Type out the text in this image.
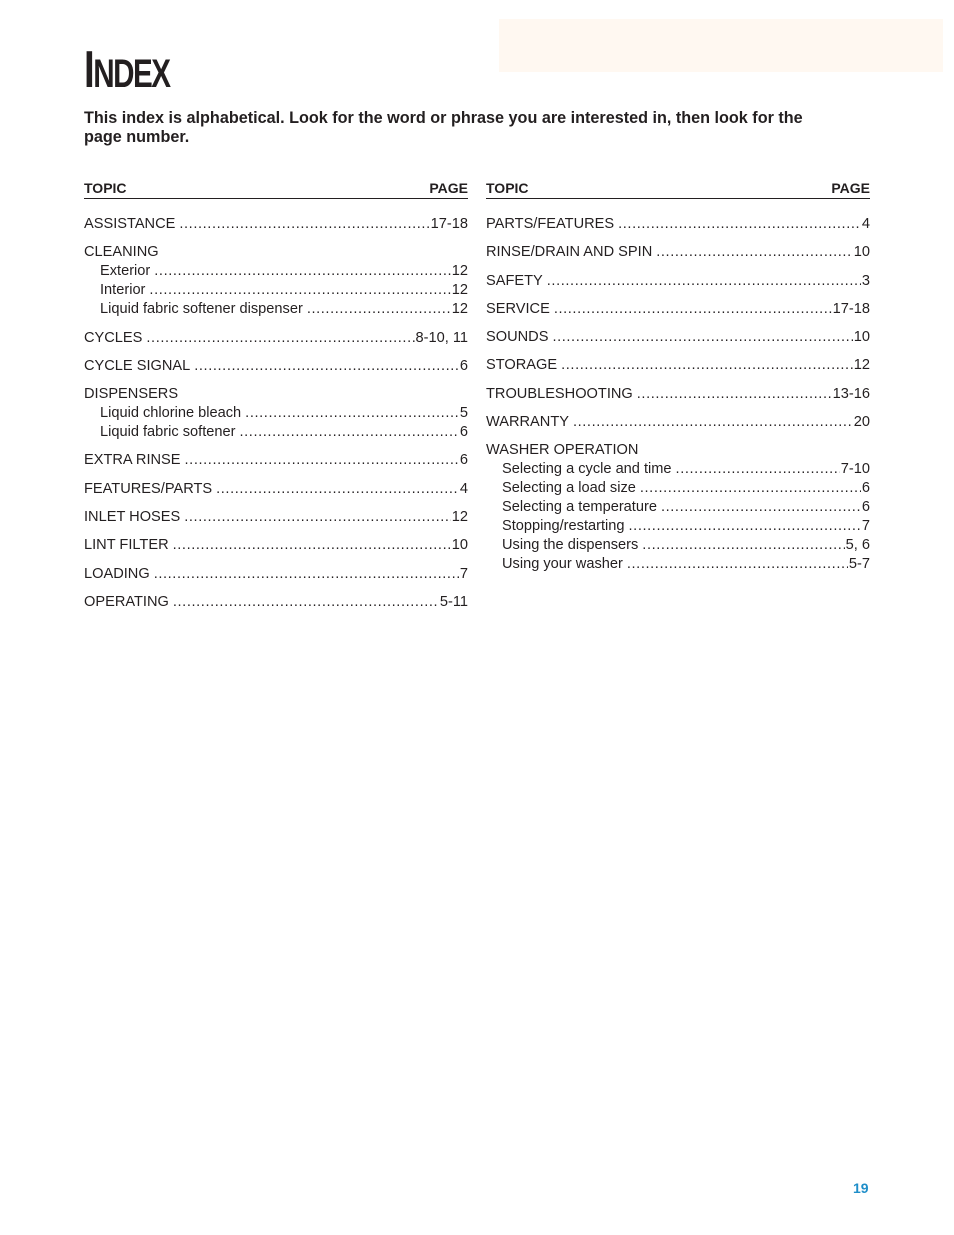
INDEX

This index is alphabetical. Look for the word or phrase you are interested in, then look for the page number.

TOPIC	PAGE
ASSISTANCE .....	17-18
CLEANING
Exterior .....	12
Interior .....	12
Liquid fabric softener dispenser .....	12
CYCLES .....	8-10, 11
CYCLE SIGNAL .....	6
DISPENSERS
Liquid chlorine bleach .....	5
Liquid fabric softener .....	6
EXTRA RINSE .....	6
FEATURES/PARTS .....	4
INLET HOSES .....	12
LINT FILTER .....	10
LOADING .....	7
OPERATING .....	5-11
TOPIC	PAGE
PARTS/FEATURES .....	4
RINSE/DRAIN AND SPIN .....	10
SAFETY .....	3
SERVICE .....	17-18
SOUNDS .....	10
STORAGE .....	12
TROUBLESHOOTING .....	13-16
WARRANTY .....	20
WASHER OPERATION
Selecting a cycle and time .....	7-10
Selecting a load size .....	6
Selecting a temperature .....	6
Stopping/restarting .....	7
Using the dispensers .....	5, 6
Using your washer .....	5-7
19
